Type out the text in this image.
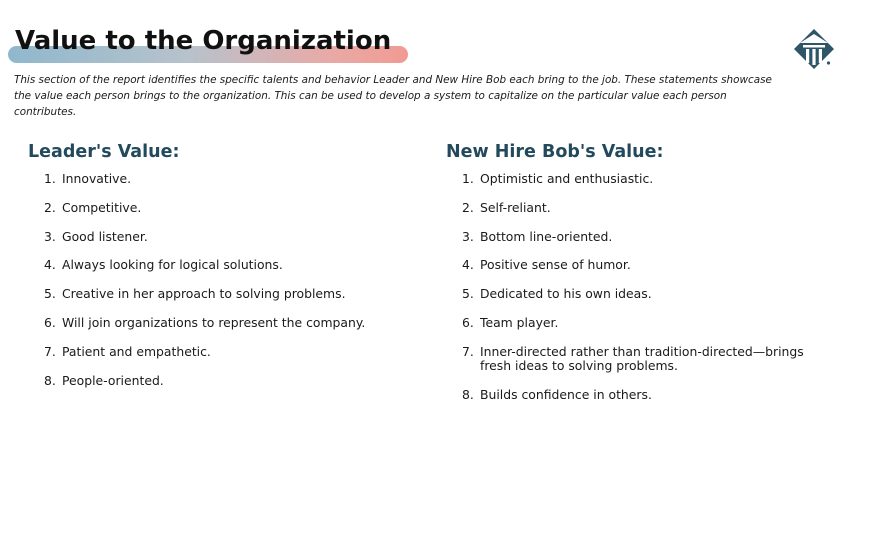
Value to the Organization

This section of the report identifies the specific talents and behavior Leader and New Hire Bob each bring to the job. These statements showcase the value each person brings to the organization. This can be used to develop a system to capitalize on the particular value each person contributes.

Leader's Value:
1. Innovative.
2. Competitive.
3. Good listener.
4. Always looking for logical solutions.
5. Creative in her approach to solving problems.
6. Will join organizations to represent the company.
7. Patient and empathetic.
8. People-oriented.
New Hire Bob's Value:
1. Optimistic and enthusiastic.
2. Self-reliant.
3. Bottom line-oriented.
4. Positive sense of humor.
5. Dedicated to his own ideas.
6. Team player.
7. Inner-directed rather than tradition-directed—brings fresh ideas to solving problems.
8. Builds confidence in others.
